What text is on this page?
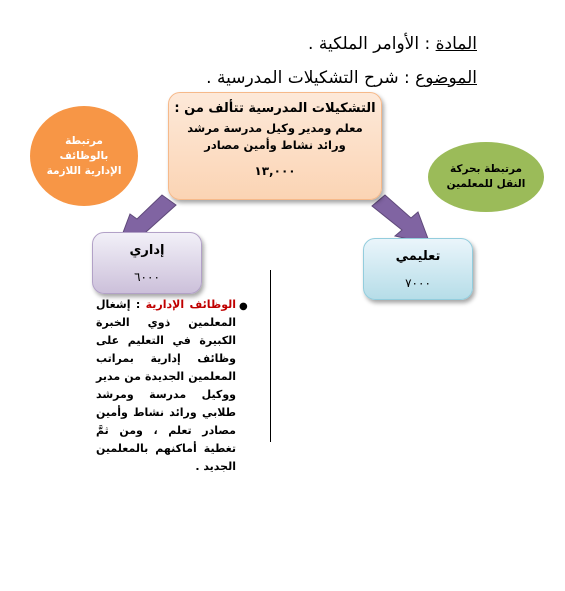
المادة : الأوامر الملكية .
الموضوع : شرح التشكيلات المدرسية .
مرتبطة بالوظائف الإدارية اللازمة	مرتبطة بحركة النقل للمعلمين
التشكيلات المدرسية تتألف من :
معلم ومدير وكيل مدرسة مرشد ورائد نشاط وأمين مصادر
١٣,٠٠٠
إداري
٦٠٠٠
تعليمي
٧٠٠٠
●
الوظائف الإدارية : إشغال المعلمين ذوي الخبرة الكبيرة في التعليم على وظائف إدارية بمراتب المعلمين الجديدة من مدير ووكيل مدرسة ومرشد طلابي ورائد نشاط وأمين مصادر تعلم ، ومن ثمَّ تغطية أماكنهم بالمعلمين الجديد .
